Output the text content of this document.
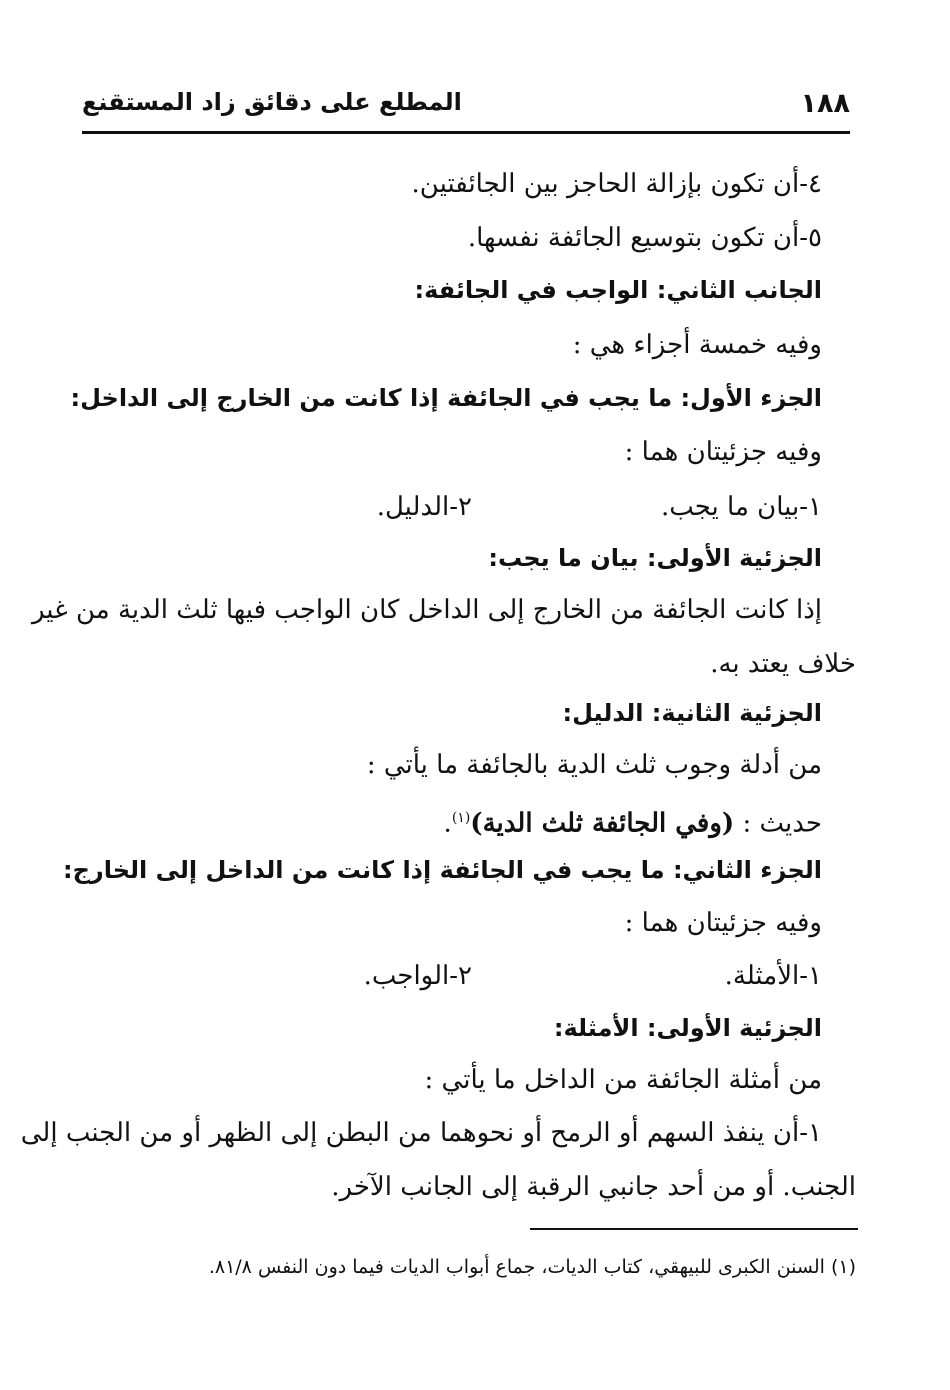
١٨٨
المطلع على دقائق زاد المستقنع
٤-أن تكون بإزالة الحاجز بين الجائفتين.
٥-أن تكون بتوسيع الجائفة نفسها.
الجانب الثاني: الواجب في الجائفة:
وفيه خمسة أجزاء هي :
الجزء الأول: ما يجب في الجائفة إذا كانت من الخارج إلى الداخل:
وفيه جزئيتان هما :
١-بيان ما يجب.
٢-الدليل.
الجزئية الأولى: بيان ما يجب:
إذا كانت الجائفة من الخارج إلى الداخل كان الواجب فيها ثلث الدية من غير
خلاف يعتد به.
الجزئية الثانية: الدليل:
من أدلة وجوب ثلث الدية بالجائفة ما يأتي :
حديث : (وفي الجائفة ثلث الدية)$^{(١)}$.
الجزء الثاني: ما يجب في الجائفة إذا كانت من الداخل إلى الخارج:
وفيه جزئيتان هما :
١-الأمثلة.
٢-الواجب.
الجزئية الأولى: الأمثلة:
من أمثلة الجائفة من الداخل ما يأتي :
١-أن ينفذ السهم أو الرمح أو نحوهما من البطن إلى الظهر أو من الجنب إلى
الجنب. أو من أحد جانبي الرقبة إلى الجانب الآخر.
(١) السنن الكبرى للبيهقي، كتاب الديات، جماع أبواب الديات فيما دون النفس ٨١/٨.
